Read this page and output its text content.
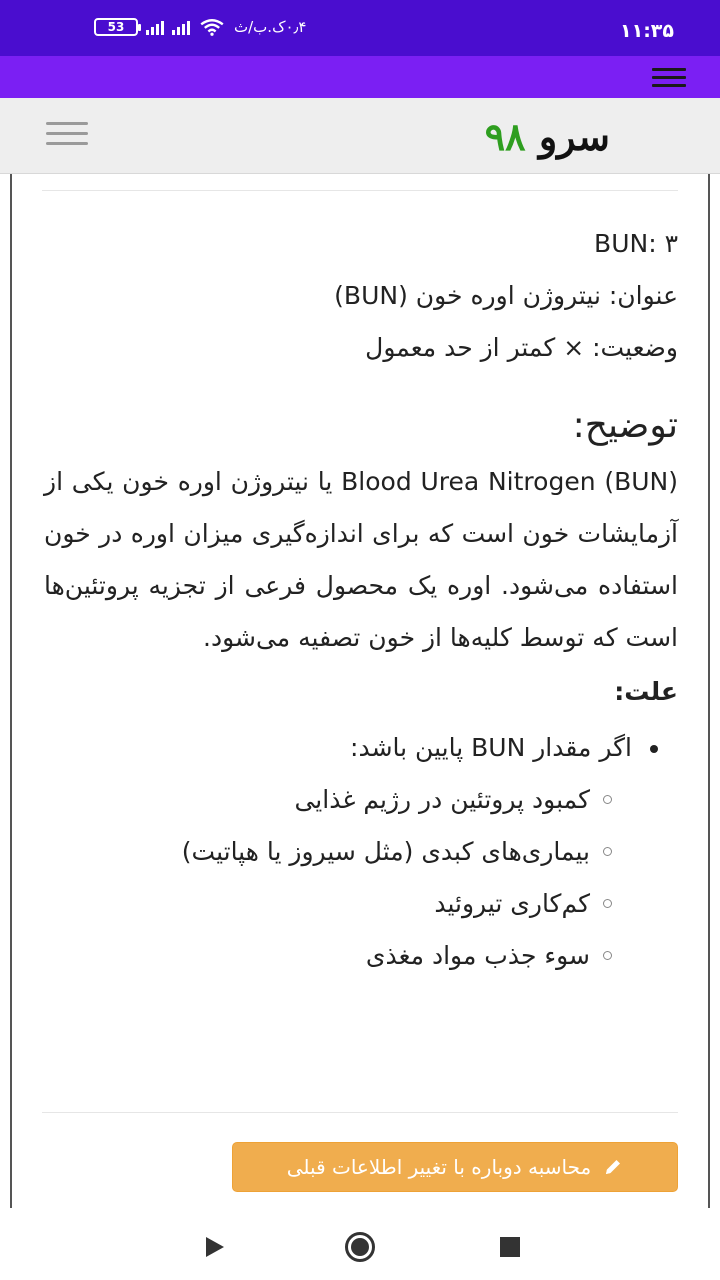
53	۰٫۴ک.ب/ث	۱۱:۳۵
سرو ۹۸
BUN: ۳
عنوان: نیتروژن اوره خون (BUN)
وضعیت: × کمتر از حد معمول
توضیح:
Blood Urea Nitrogen (BUN) یا نیتروژن اوره خون یکی از آزمایشات خون است که برای اندازه‌گیری میزان اوره در خون استفاده می‌شود. اوره یک محصول فرعی از تجزیه پروتئین‌ها است که توسط کلیه‌ها از خون تصفیه می‌شود.
علت:
اگر مقدار BUN پایین باشد:
کمبود پروتئین در رژیم غذایی
بیماری‌های کبدی (مثل سیروز یا هپاتیت)
کم‌کاری تیروئید
سوء جذب مواد مغذی
محاسبه دوباره با تغییر اطلاعات قبلی
